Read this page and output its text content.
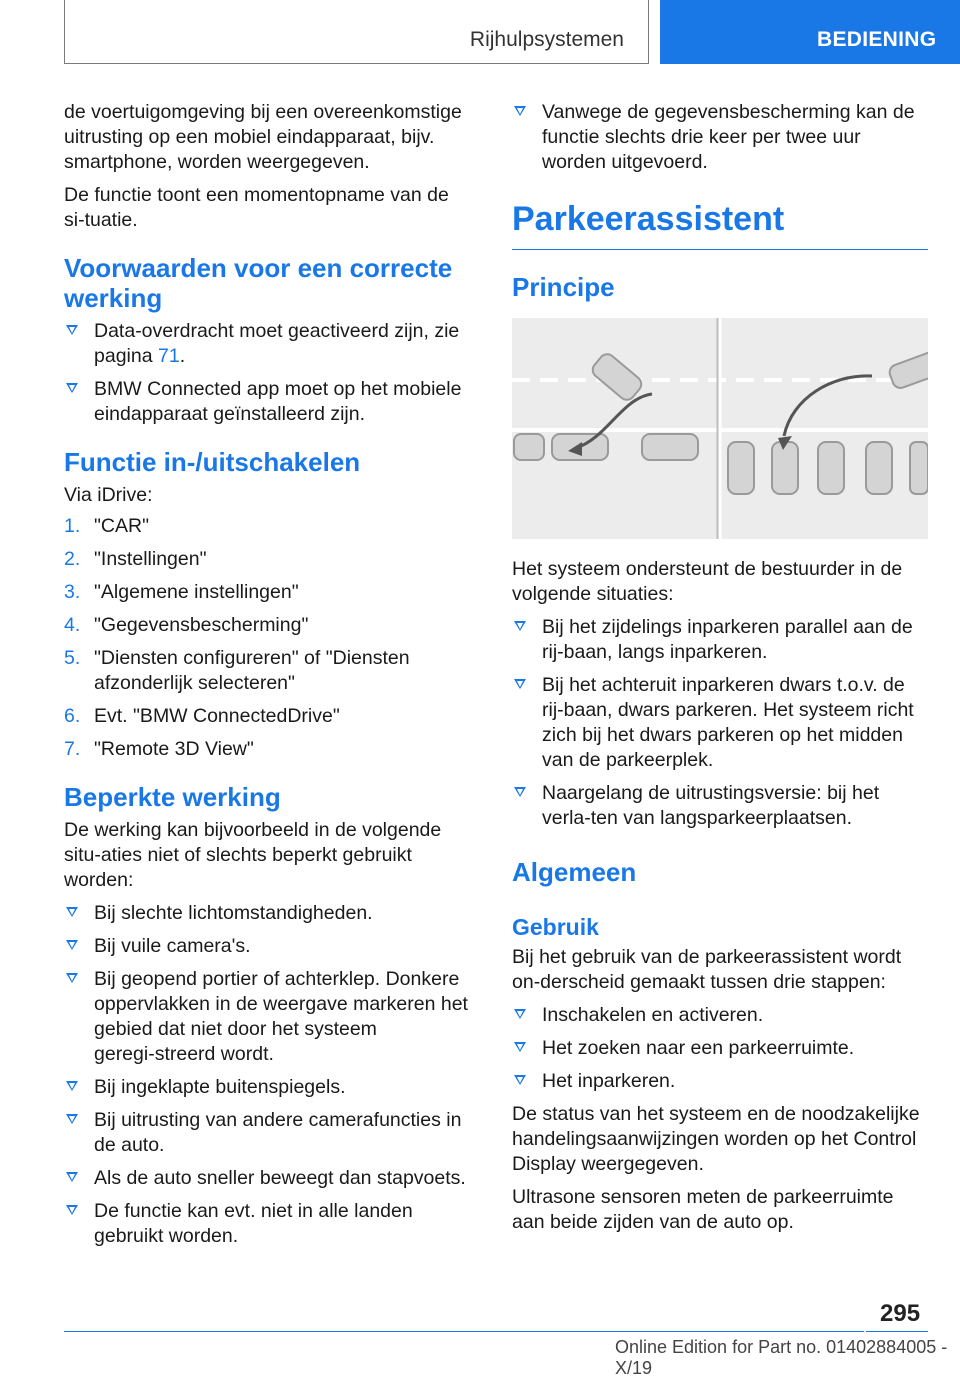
Rijhulpsystemen	BEDIENING

de voertuigomgeving bij een overeenkomstige uitrusting op een mobiel eindapparaat, bijv. smartphone, worden weergegeven.

De functie toont een momentopname van de si‑tuatie.

Voorwaarden voor een correcte werking
Data-overdracht moet geactiveerd zijn, zie pagina 71.
BMW Connected app moet op het mobiele eindapparaat geïnstalleerd zijn.
Functie in-/uitschakelen

Via iDrive:

1. "CAR"
2. "Instellingen"
3. "Algemene instellingen"
4. "Gegevensbescherming"
5. "Diensten configureren" of "Diensten afzonderlijk selecteren"
6. Evt. "BMW ConnectedDrive"
7. "Remote 3D View"
Beperkte werking

De werking kan bijvoorbeeld in de volgende situ‑aties niet of slechts beperkt gebruikt worden:

Bij slechte lichtomstandigheden.
Bij vuile camera's.
Bij geopend portier of achterklep. Donkere oppervlakken in de weergave markeren het gebied dat niet door het systeem geregi‑streerd wordt.
Bij ingeklapte buitenspiegels.
Bij uitrusting van andere camerafuncties in de auto.
Als de auto sneller beweegt dan stapvoets.
De functie kan evt. niet in alle landen gebruikt worden.
Vanwege de gegevensbescherming kan de functie slechts drie keer per twee uur worden uitgevoerd.
Parkeerassistent
Principe

Het systeem ondersteunt de bestuurder in de volgende situaties:

Bij het zijdelings inparkeren parallel aan de rij‑baan, langs inparkeren.
Bij het achteruit inparkeren dwars t.o.v. de rij‑baan, dwars parkeren. Het systeem richt zich bij het dwars parkeren op het midden van de parkeerplek.
Naargelang de uitrustingsversie: bij het verla‑ten van langsparkeerplaatsen.
Algemeen
Gebruik

Bij het gebruik van de parkeerassistent wordt on‑derscheid gemaakt tussen drie stappen:

Inschakelen en activeren.
Het zoeken naar een parkeerruimte.
Het inparkeren.

De status van het systeem en de noodzakelijke handelingsaanwijzingen worden op het Control Display weergegeven.

Ultrasone sensoren meten de parkeerruimte aan beide zijden van de auto op.

295
Online Edition for Part no. 01402884005 - X/19
